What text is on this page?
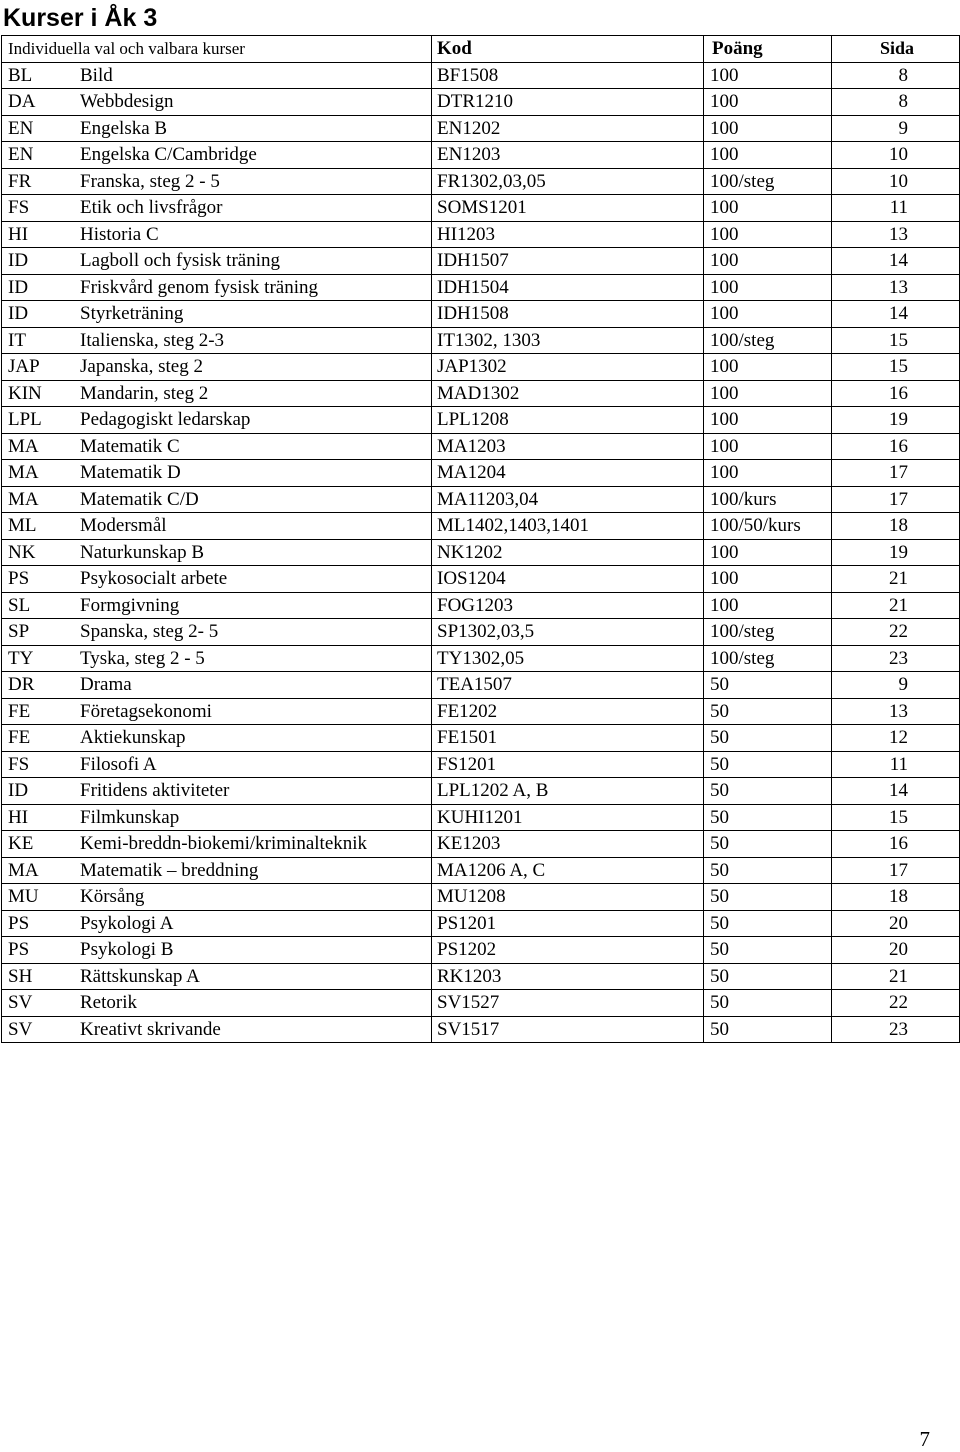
Kurser i Åk 3
Individuella val och valbara kurser	Kod	Poäng	Sida
BL Bild	BF1508	100	8
DA Webbdesign	DTR1210	100	8
EN Engelska B	EN1202	100	9
EN Engelska C/Cambridge	EN1203	100	10
FR Franska, steg 2 - 5	FR1302,03,05	100/steg	10
FS Etik och livsfrågor	SOMS1201	100	11
HI Historia C	HI1203	100	13
ID Lagboll och fysisk träning	IDH1507	100	14
ID Friskvård genom fysisk träning	IDH1504	100	13
ID Styrketräning	IDH1508	100	14
IT Italienska, steg 2-3	IT1302, 1303	100/steg	15
JAP Japanska, steg 2	JAP1302	100	15
KIN Mandarin, steg 2	MAD1302	100	16
LPL Pedagogiskt ledarskap	LPL1208	100	19
MA Matematik C	MA1203	100	16
MA Matematik D	MA1204	100	17
MA Matematik C/D	MA11203,04	100/kurs	17
ML Modersmål	ML1402,1403,1401	100/50/kurs	18
NK Naturkunskap B	NK1202	100	19
PS Psykosocialt arbete	IOS1204	100	21
SL Formgivning	FOG1203	100	21
SP Spanska, steg 2- 5	SP1302,03,5	100/steg	22
TY Tyska, steg 2 - 5	TY1302,05	100/steg	23
DR Drama	TEA1507	50	9
FE Företagsekonomi	FE1202	50	13
FE Aktiekunskap	FE1501	50	12
FS Filosofi A	FS1201	50	11
ID Fritidens aktiviteter	LPL1202 A, B	50	14
HI Filmkunskap	KUHI1201	50	15
KE Kemi-breddn-biokemi/kriminalteknik	KE1203	50	16
MA Matematik – breddning	MA1206 A, C	50	17
MU Körsång	MU1208	50	18
PS Psykologi A	PS1201	50	20
PS Psykologi B	PS1202	50	20
SH Rättskunskap A	RK1203	50	21
SV Retorik	SV1527	50	22
SV Kreativt skrivande	SV1517	50	23
7
